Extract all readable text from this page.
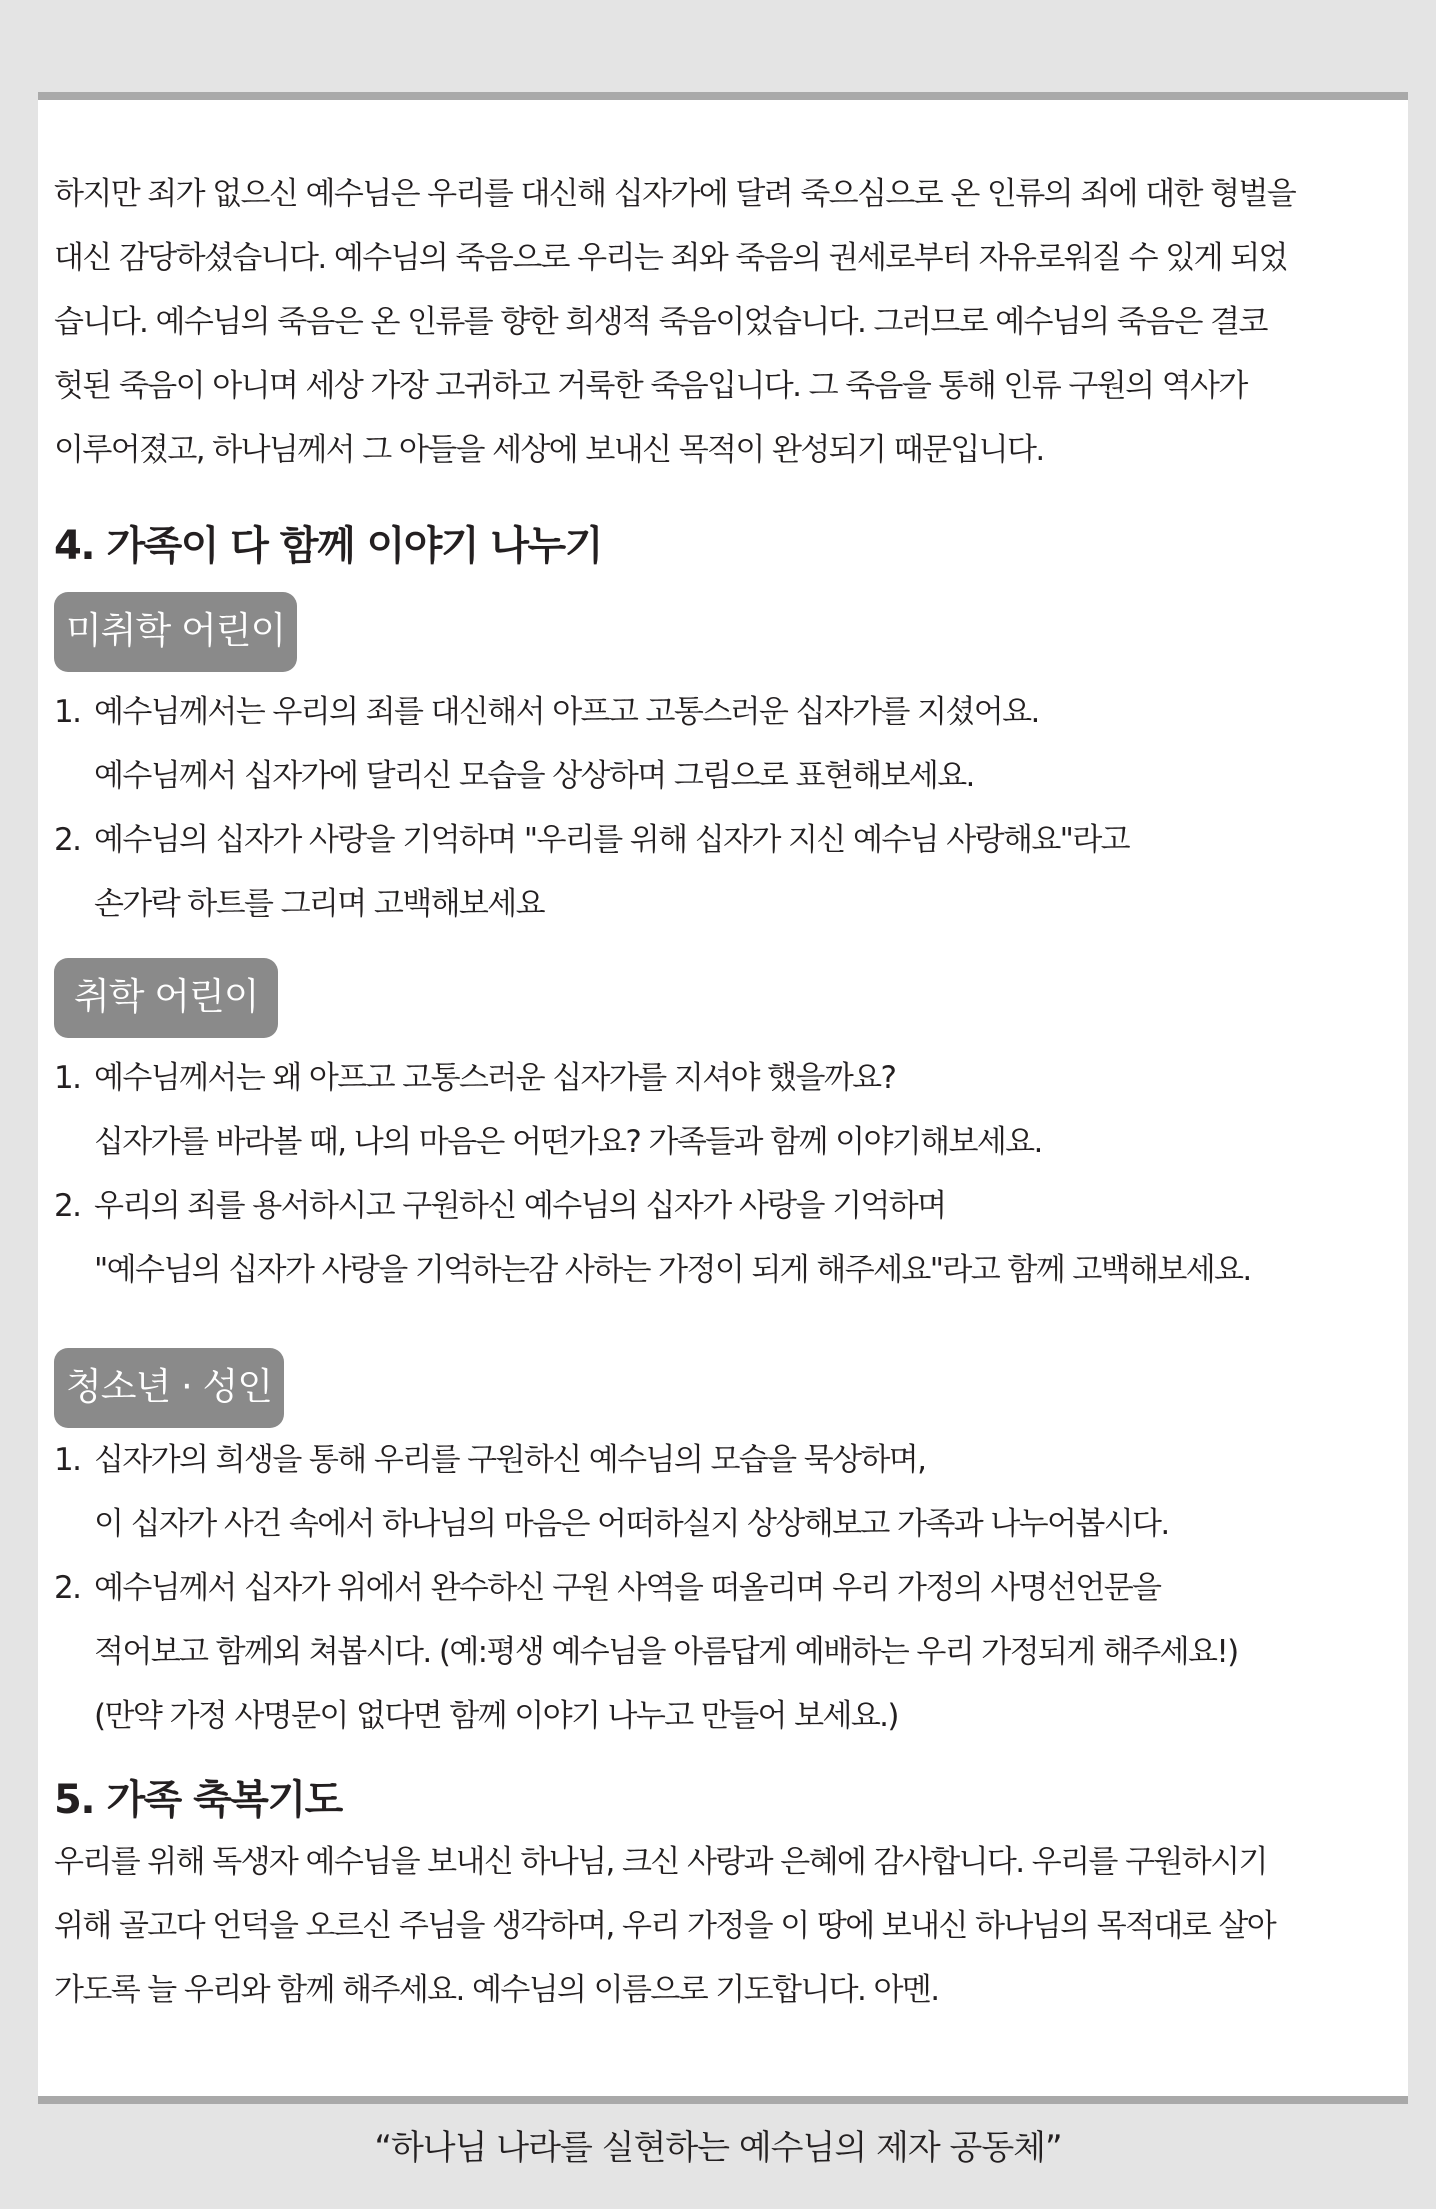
하지만 죄가 없으신 예수님은 우리를 대신해 십자가에 달려 죽으심으로 온 인류의 죄에 대한 형벌을
대신 감당하셨습니다. 예수님의 죽음으로 우리는 죄와 죽음의 권세로부터 자유로워질 수 있게 되었
습니다. 예수님의 죽음은 온 인류를 향한 희생적 죽음이었습니다. 그러므로 예수님의 죽음은 결코
헛된 죽음이 아니며 세상 가장 고귀하고 거룩한 죽음입니다. 그 죽음을 통해 인류 구원의 역사가
이루어졌고, 하나님께서 그 아들을 세상에 보내신 목적이 완성되기 때문입니다.

4. 가족이 다 함께 이야기 나누기
미취학 어린이
1. 예수님께서는 우리의 죄를 대신해서 아프고 고통스러운 십자가를 지셨어요.
예수님께서 십자가에 달리신 모습을 상상하며 그림으로 표현해보세요.
2. 예수님의 십자가 사랑을 기억하며 "우리를 위해 십자가 지신 예수님 사랑해요"라고
손가락 하트를 그리며 고백해보세요
취학 어린이
1. 예수님께서는 왜 아프고 고통스러운 십자가를 지셔야 했을까요?
십자가를 바라볼 때, 나의 마음은 어떤가요? 가족들과 함께 이야기해보세요.
2. 우리의 죄를 용서하시고 구원하신 예수님의 십자가 사랑을 기억하며
"예수님의 십자가 사랑을 기억하는감 사하는 가정이 되게 해주세요"라고 함께 고백해보세요.
청소년 · 성인
1. 십자가의 희생을 통해 우리를 구원하신 예수님의 모습을 묵상하며,
이 십자가 사건 속에서 하나님의 마음은 어떠하실지 상상해보고 가족과 나누어봅시다.
2. 예수님께서 십자가 위에서 완수하신 구원 사역을 떠올리며 우리 가정의 사명선언문을
적어보고 함께외 쳐봅시다. (예:평생 예수님을 아름답게 예배하는 우리 가정되게 해주세요!)
(만약 가정 사명문이 없다면 함께 이야기 나누고 만들어 보세요.)
5. 가족 축복기도

우리를 위해 독생자 예수님을 보내신 하나님, 크신 사랑과 은혜에 감사합니다. 우리를 구원하시기
위해 골고다 언덕을 오르신 주님을 생각하며, 우리 가정을 이 땅에 보내신 하나님의 목적대로 살아
가도록 늘 우리와 함께 해주세요. 예수님의 이름으로 기도합니다. 아멘.

“하나님 나라를 실현하는 예수님의 제자 공동체”
